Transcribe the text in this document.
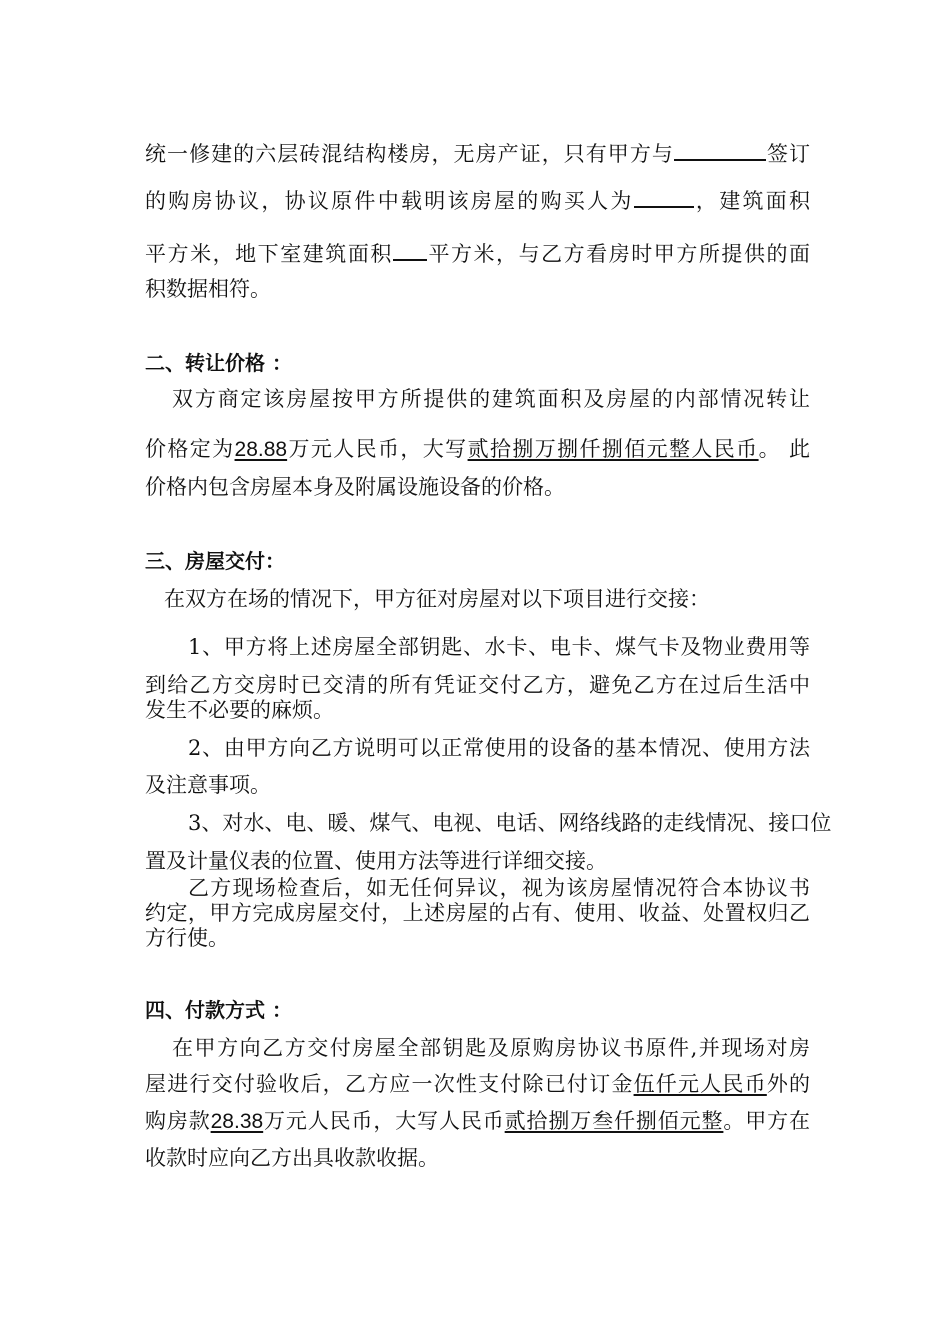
统一修建的六层砖混结构楼房，无房产证，只有甲方与	签订
的购房协议，协议原件中载明该房屋的购买人为	，建筑面积
平方米，地下室建筑面积 平方米，与乙方看房时甲方所提供的面
积数据相符。
二、转让价格 ：
双方商定该房屋按甲方所提供的建筑面积及房屋的内部情况转让
价格定为28.88万元人民币，大写贰拾捌万捌仟捌佰元整人民币。 此
价格内包含房屋本身及附属设施设备的价格。
三、房屋交付：
在双方在场的情况下，甲方征对房屋对以下项目进行交接：
1、甲方将上述房屋全部钥匙、水卡、电卡、煤气卡及物业费用等
到给乙方交房时已交清的所有凭证交付乙方，避免乙方在过后生活中
发生不必要的麻烦。
2、由甲方向乙方说明可以正常使用的设备的基本情况、使用方法
及注意事项。
3、对水、电、暖、煤气、电视、电话、网络线路的走线情况、接口位
置及计量仪表的位置、使用方法等进行详细交接。
乙方现场检查后，如无任何异议，视为该房屋情况符合本协议书
约定，甲方完成房屋交付，上述房屋的占有、使用、收益、处置权归乙
方行使。
四、付款方式 ：
在甲方向乙方交付房屋全部钥匙及原购房协议书原件,并现场对房
屋进行交付验收后，乙方应一次性支付除已付订金伍仟元人民币外的
购房款28.38万元人民币，大写人民币贰拾捌万叁仟捌佰元整。甲方在
收款时应向乙方出具收款收据。
